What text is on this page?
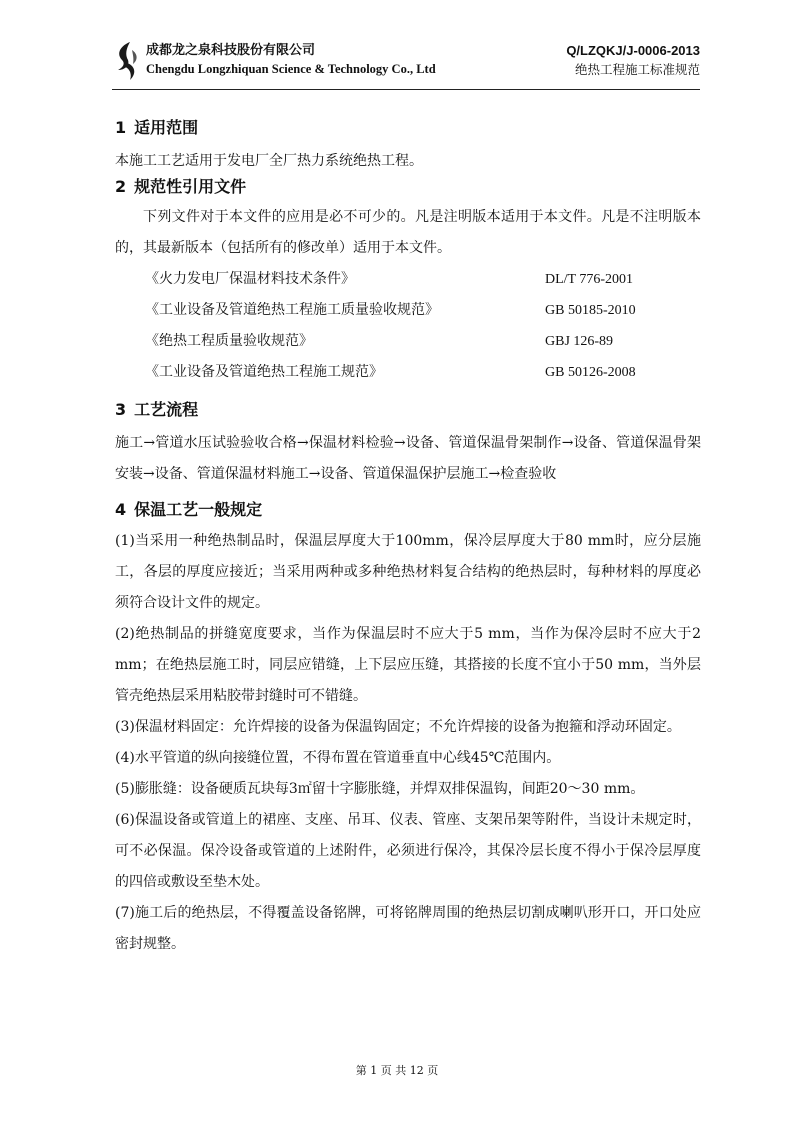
成都龙之泉科技股份有限公司
Chengdu Longzhiquan Science & Technology Co., Ltd
Q/LZQKJ/J-0006-2013
绝热工程施工标准规范
1 适用范围

本施工工艺适用于发电厂全厂热力系统绝热工程。

2 规范性引用文件

下列文件对于本文件的应用是必不可少的。凡是注明版本适用于本文件。凡是不注明版本的，其最新版本（包括所有的修改单）适用于本文件。

《火力发电厂保温材料技术条件》	DL/T 776-2001
《工业设备及管道绝热工程施工质量验收规范》	GB 50185-2010
《绝热工程质量验收规范》	GBJ 126-89
《工业设备及管道绝热工程施工规范》	GB 50126-2008
3 工艺流程

施工→管道水压试验验收合格→保温材料检验→设备、管道保温骨架制作→设备、管道保温骨架安装→设备、管道保温材料施工→设备、管道保温保护层施工→检查验收

4 保温工艺一般规定

(1)当采用一种绝热制品时，保温层厚度大于100mm，保冷层厚度大于80 mm时，应分层施工，各层的厚度应接近；当采用两种或多种绝热材料复合结构的绝热层时，每种材料的厚度必须符合设计文件的规定。

(2)绝热制品的拼缝宽度要求，当作为保温层时不应大于5 mm，当作为保冷层时不应大于2 mm；在绝热层施工时，同层应错缝，上下层应压缝，其搭接的长度不宜小于50 mm，当外层管壳绝热层采用粘胶带封缝时可不错缝。

(3)保温材料固定：允许焊接的设备为保温钩固定；不允许焊接的设备为抱箍和浮动环固定。

(4)水平管道的纵向接缝位置，不得布置在管道垂直中心线45℃范围内。

(5)膨胀缝：设备硬质瓦块每3㎡留十字膨胀缝，并焊双排保温钩，间距20～30 mm。

(6)保温设备或管道上的裙座、支座、吊耳、仪表、管座、支架吊架等附件，当设计未规定时，可不必保温。保冷设备或管道的上述附件，必须进行保冷，其保冷层长度不得小于保冷层厚度的四倍或敷设至垫木处。

(7)施工后的绝热层，不得覆盖设备铭牌，可将铭牌周围的绝热层切割成喇叭形开口，开口处应密封规整。

第 1 页 共 12 页
